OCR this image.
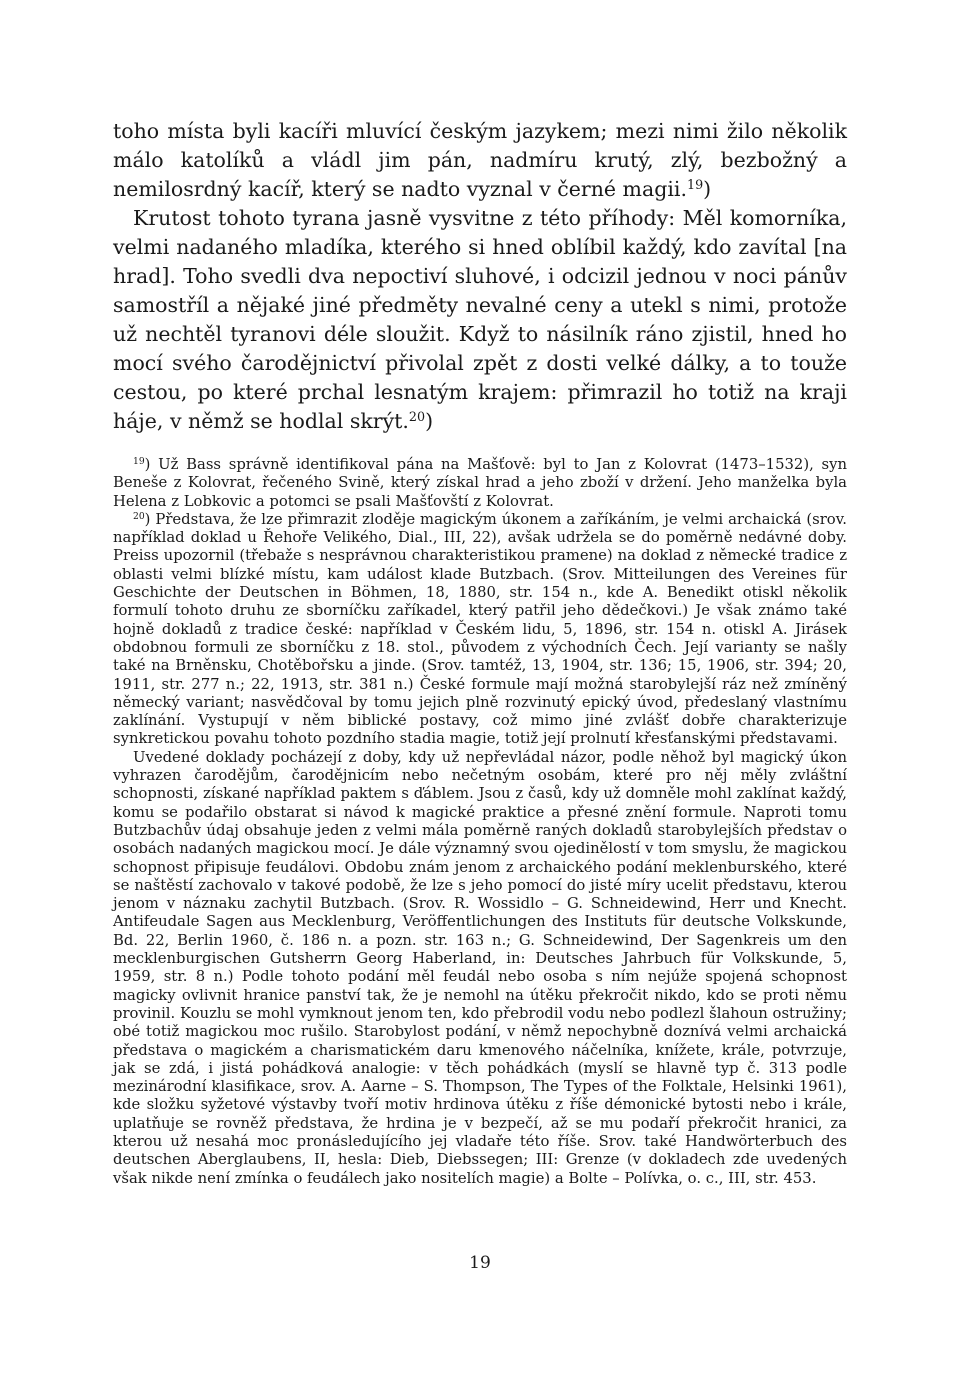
toho místa byli kacíři mluvící českým jazykem; mezi nimi žilo několik málo katolíků a vládl jim pán, nadmíru krutý, zlý, bezbožný a nemilosrdný kacíř, který se nadto vyznal v černé magii.$^{19}$)

Krutost tohoto tyrana jasně vysvitne z této příhody: Měl komorníka, velmi nadaného mladíka, kterého si hned oblíbil každý, kdo zavítal [na hrad]. Toho svedli dva nepoctiví sluhové, i odcizil jednou v noci pánův samostříl a nějaké jiné předměty nevalné ceny a utekl s nimi, protože už nechtěl tyranovi déle sloužit. Když to násilník ráno zjistil, hned ho mocí svého čarodějnictví přivolal zpět z dosti velké dálky, a to touže cestou, po které prchal lesnatým krajem: přimrazil ho totiž na kraji háje, v němž se hodlal skrýt.$^{20}$)

$^{19}$) Už Bass správně identifikoval pána na Mašťově: byl to Jan z Kolovrat (1473–1532), syn Beneše z Kolovrat, řečeného Svině, který získal hrad a jeho zboží v držení. Jeho manželka byla Helena z Lobkovic a potomci se psali Mašťovští z Kolovrat.

$^{20}$) Představa, že lze přimrazit zloděje magickým úkonem a zaříkáním, je velmi archaická (srov. například doklad u Řehoře Velikého, Dial., III, 22), avšak udržela se do poměrně nedávné doby. Preiss upozornil (třebaže s nesprávnou charakteristikou pramene) na doklad z německé tradice z oblasti velmi blízké místu, kam událost klade Butzbach. (Srov. Mitteilungen des Vereines für Geschichte der Deutschen in Böhmen, 18, 1880, str. 154 n., kde A. Benedikt otiskl několik formulí tohoto druhu ze sborníčku zaříkadel, který patřil jeho dědečkovi.) Je však známo také hojně dokladů z tradice české: například v Českém lidu, 5, 1896, str. 154 n. otiskl A. Jirásek obdobnou formuli ze sborníčku z 18. stol., původem z východních Čech. Její varianty se našly také na Brněnsku, Chotěbořsku a jinde. (Srov. tamtéž, 13, 1904, str. 136; 15, 1906, str. 394; 20, 1911, str. 277 n.; 22, 1913, str. 381 n.) České formule mají možná starobylejší ráz než zmíněný německý variant; nasvědčoval by tomu jejich plně rozvinutý epický úvod, předeslaný vlastnímu zaklínání. Vystupují v něm biblické postavy, což mimo jiné zvlášť dobře charakterizuje synkretickou povahu tohoto pozdního stadia magie, totiž její prolnutí křesťanskými představami.

Uvedené doklady pocházejí z doby, kdy už nepřevládal názor, podle něhož byl magický úkon vyhrazen čarodějům, čarodějnicím nebo nečetným osobám, které pro něj měly zvláštní schopnosti, získané například paktem s ďáblem. Jsou z časů, kdy už domněle mohl zaklínat každý, komu se podařilo obstarat si návod k magické praktice a přesné znění formule. Naproti tomu Butzbachův údaj obsahuje jeden z velmi mála poměrně raných dokladů starobylejších představ o osobách nadaných magickou mocí. Je dále významný svou ojedinělostí v tom smyslu, že magickou schopnost připisuje feudálovi. Obdobu znám jenom z archaického podání meklenburského, které se naštěstí zachovalo v takové podobě, že lze s jeho pomocí do jisté míry ucelit představu, kterou jenom v náznaku zachytil Butzbach. (Srov. R. Wossidlo – G. Schneidewind, Herr und Knecht. Antifeudale Sagen aus Mecklenburg, Veröffentlichungen des Instituts für deutsche Volkskunde, Bd. 22, Berlin 1960, č. 186 n. a pozn. str. 163 n.; G. Schneidewind, Der Sagenkreis um den mecklenburgischen Gutsherrn Georg Haberland, in: Deutsches Jahrbuch für Volkskunde, 5, 1959, str. 8 n.) Podle tohoto podání měl feudál nebo osoba s ním nejúže spojená schopnost magicky ovlivnit hranice panství tak, že je nemohl na útěku překročit nikdo, kdo se proti němu provinil. Kouzlu se mohl vymknout jenom ten, kdo přebrodil vodu nebo podlezl šlahoun ostružiny; obé totiž magickou moc rušilo. Starobylost podání, v němž nepochybně doznívá velmi archaická představa o magickém a charismatickém daru kmenového náčelníka, knížete, krále, potvrzuje, jak se zdá, i jistá pohádková analogie: v těch pohádkách (myslí se hlavně typ č. 313 podle mezinárodní klasifikace, srov. A. Aarne – S. Thompson, The Types of the Folktale, Helsinki 1961), kde složku syžetové výstavby tvoří motiv hrdinova útěku z říše démonické bytosti nebo i krále, uplatňuje se rovněž představa, že hrdina je v bezpečí, až se mu podaří překročit hranici, za kterou už nesahá moc pronásledujícího jej vladaře této říše. Srov. také Handwörterbuch des deutschen Aberglaubens, II, hesla: Dieb, Diebssegen; III: Grenze (v dokladech zde uvedených však nikde není zmínka o feudálech jako nositelích magie) a Bolte – Polívka, o. c., III, str. 453.

19
